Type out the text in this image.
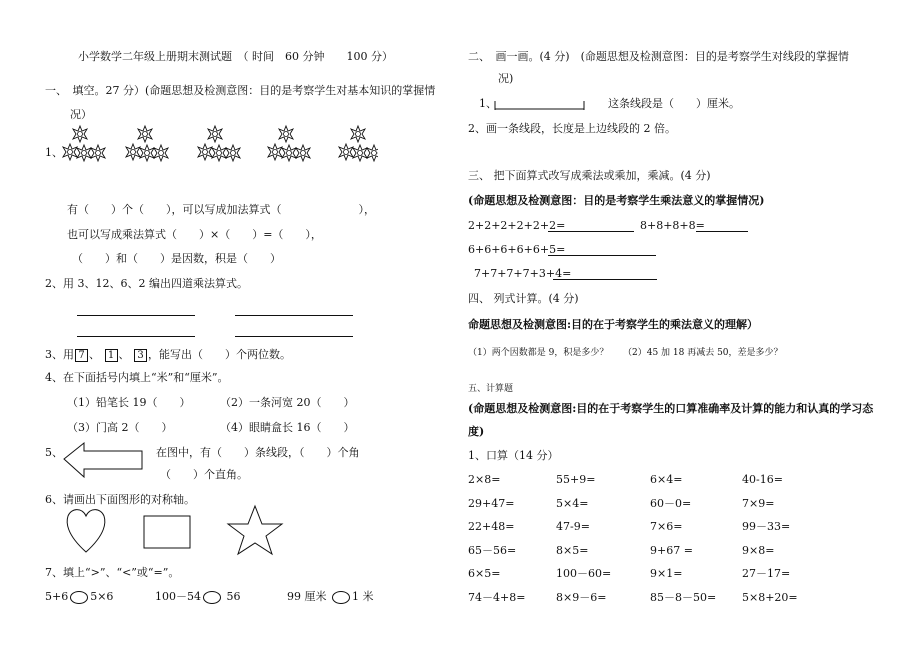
小学数学二年级上册期末测试题　 （ 时间　60 分钟　　100 分）
一、　填空。27 分）(命题思想及检测意图：目的是考察学生对基本知识的掌握情
况）
1、
有（　　）个（　　），可以写成加法算式（　　　　　　　），
也可以写成乘法算式（　　）×（　　）=（　　），
（　　）和（　　）是因数，积是（　　）
2、用 3、12、6、2 编出四道乘法算式。
3、用 7 、 1 、 3 ，能写出（　　）个两位数。
4、在下面括号内填上“米”和“厘米”。
（1）铅笔长 19（　　）	（2）一条河宽 20（　　）
（3）门高 2（　　）	（4）眼睛盒长 16（　　）
5、	在图中，有（　　）条线段，（　　）个角
（　　）个直角。
6、请画出下面图形的对称轴。
7、填上“>”、“<”或“=”。
5+6 5×6	100－54 56	99 厘米 1 米
二、　画一画。(4 分)　(命题思想及检测意图：目的是考察学生对线段的掌握情
况)
1、	这条线段是（　　）厘米。
2、画一条线段，长度是上边线段的 2 倍。
三、 把下面算式改写成乘法或乘加，乘减。(4 分)
(命题思想及检测意图：目的是考察学生乘法意义的掌握情况)
2+2+2+2+2+2=	8+8+8+8=
6+6+6+6+6+5=
7+7+7+7+3+4=
四、 列式计算。(4 分)
命题思想及检测意图:目的在于考察学生的乘法意义的理解）
（1）两个因数都是 9，积是多少？ （2）45 加 18 再减去 50，差是多少？
五、计算题
(命题思想及检测意图:目的在于考察学生的口算准确率及计算的能力和认真的学习态
度)
1、口算（14 分）
2×8=	55+9=	6×4=	40-16=
29+47=	5×4=	60－0=	7×9=
22+48=	47-9=	7×6=	99－33=
65－56=	8×5=	9+67 =	9×8=
6×5=	100－60=	9×1=	27－17=
74－4+8=	8×9－6=	85－8－50= 5×8+20=
